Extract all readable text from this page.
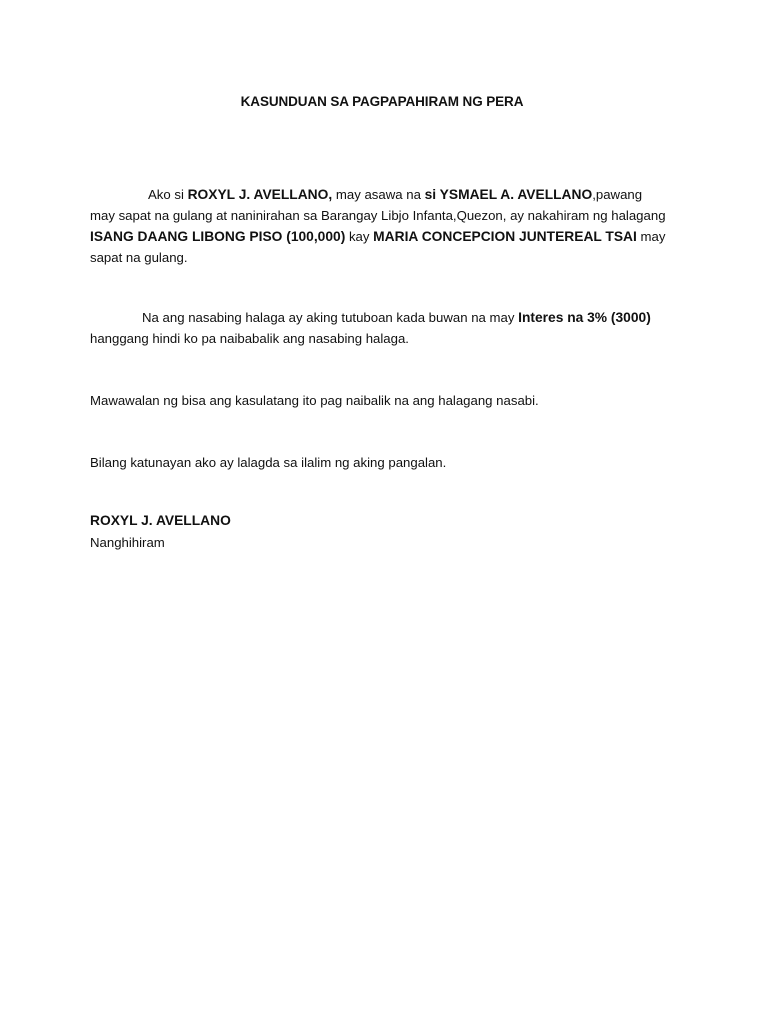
KASUNDUAN SA PAGPAPAHIRAM NG PERA
Ako si ROXYL J. AVELLANO, may asawa na si YSMAEL A. AVELLANO,pawang may sapat na gulang at naninirahan sa Barangay Libjo Infanta,Quezon, ay nakahiram ng halagang ISANG DAANG LIBONG PISO (100,000) kay MARIA CONCEPCION JUNTEREAL TSAI may sapat na gulang.
Na ang nasabing halaga ay aking tutuboan kada buwan na may Interes na 3% (3000) hanggang hindi ko pa naibabalik ang nasabing halaga.
Mawawalan ng bisa ang kasulatang ito pag naibalik na ang halagang nasabi.
Bilang katunayan ako ay lalagda sa ilalim ng aking pangalan.
ROXYL J. AVELLANO
Nanghihiram
